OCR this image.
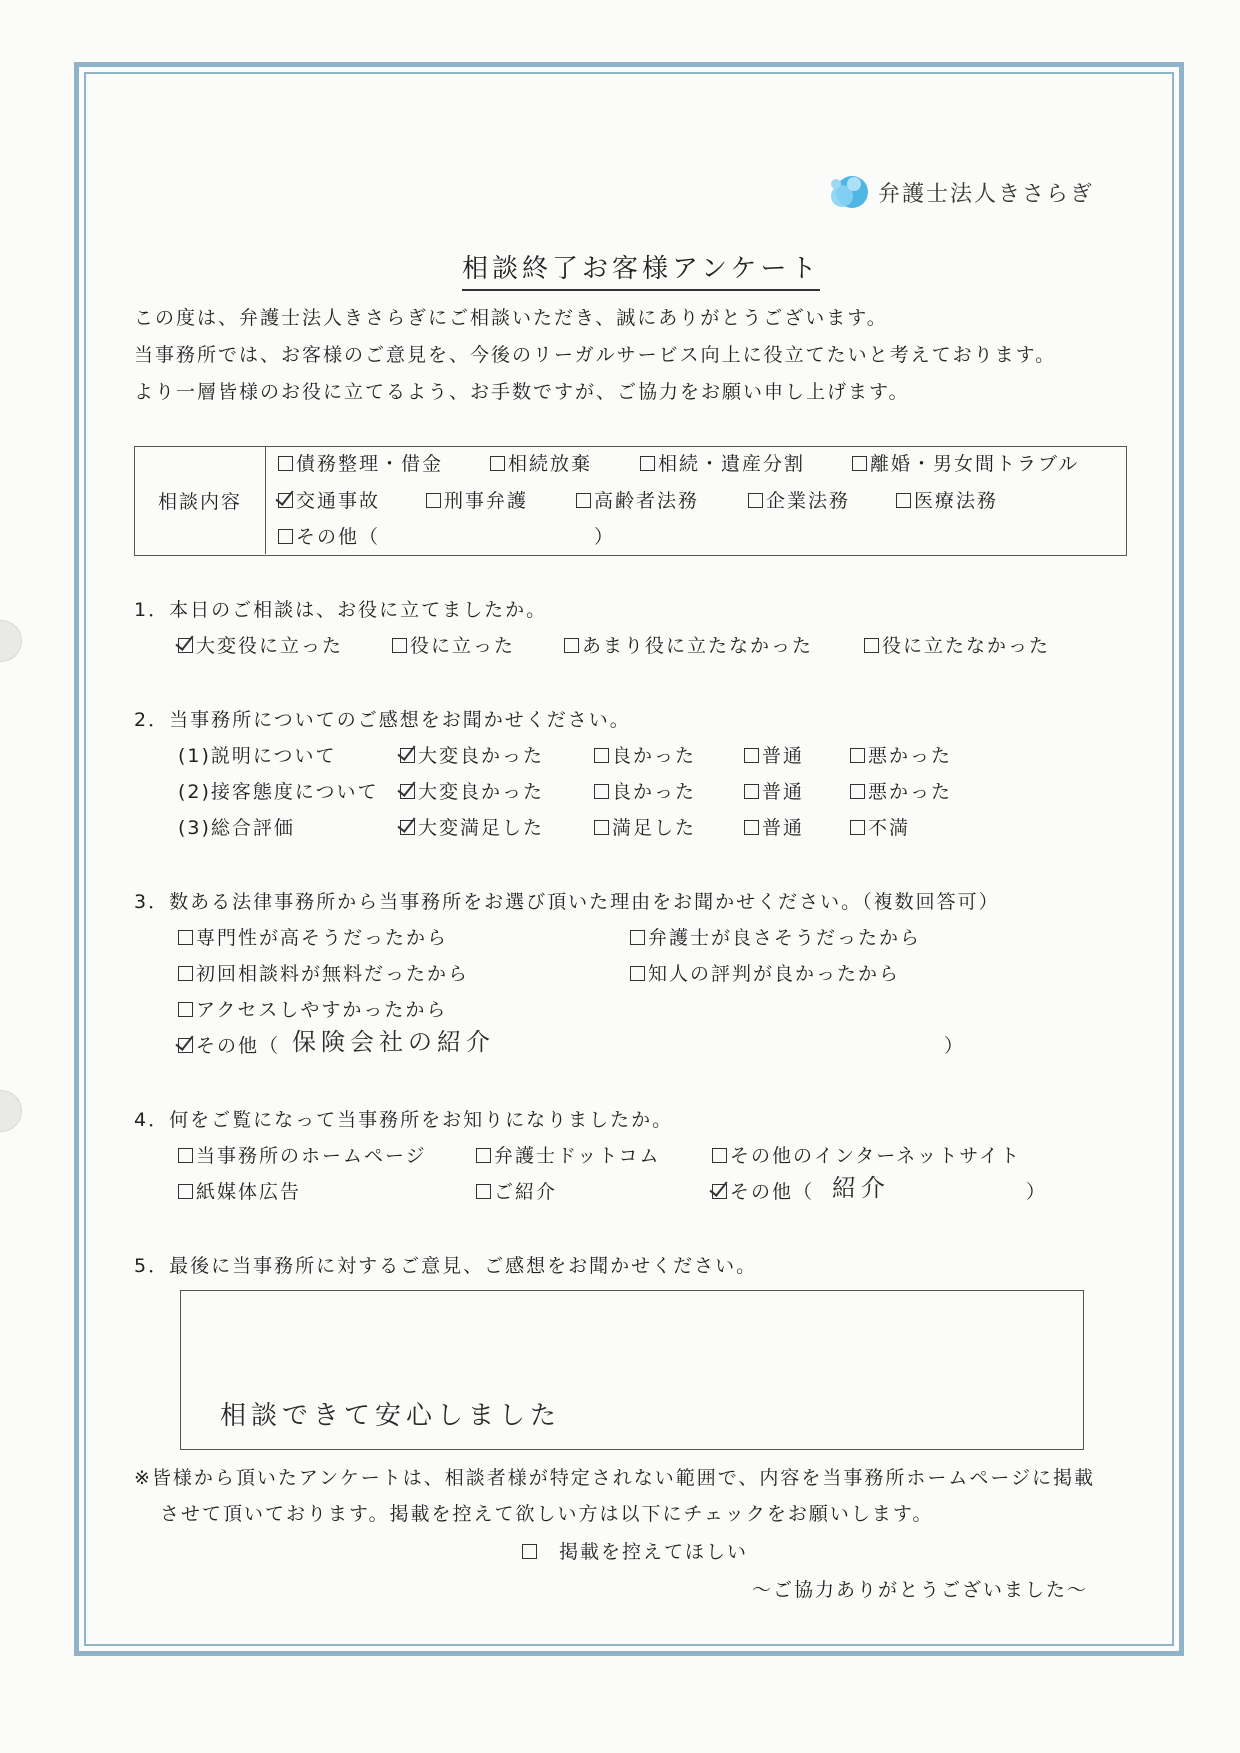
弁護士法人きさらぎ
相談終了お客様アンケート
この度は、弁護士法人きさらぎにご相談いただき、誠にありがとうございます。
当事務所では、お客様のご意見を、今後のリーガルサービス向上に役立てたいと考えております。
より一層皆様のお役に立てるよう、お手数ですが、ご協力をお願い申し上げます。
相談内容
債務整理・借金	相続放棄	相続・遺産分割	離婚・男女間トラブル
交通事故	刑事弁護	高齢者法務	企業法務	医療法務
その他（	）
1．本日のご相談は、お役に立てましたか。
大変役に立った	役に立った	あまり役に立たなかった	役に立たなかった
2．当事務所についてのご感想をお聞かせください。
(1)説明について	大変良かった	良かった	普通	悪かった
(2)接客態度について	大変良かった	良かった	普通	悪かった
(3)総合評価	大変満足した	満足した	普通	不満
3．数ある法律事務所から当事務所をお選び頂いた理由をお聞かせください。（複数回答可）
専門性が高そうだったから	弁護士が良さそうだったから
初回相談料が無料だったから	知人の評判が良かったから
アクセスしやすかったから
その他（ 保険会社の紹介	）
4．何をご覧になって当事務所をお知りになりましたか。
当事務所のホームページ	弁護士ドットコム	その他のインターネットサイト
紙媒体広告	ご紹介	その他（ 紹介	）
5．最後に当事務所に対するご意見、ご感想をお聞かせください。
相談できて安心しました
※皆様から頂いたアンケートは、相談者様が特定されない範囲で、内容を当事務所ホームページに掲載
させて頂いております。掲載を控えて欲しい方は以下にチェックをお願いします。
掲載を控えてほしい
～ご協力ありがとうございました～
